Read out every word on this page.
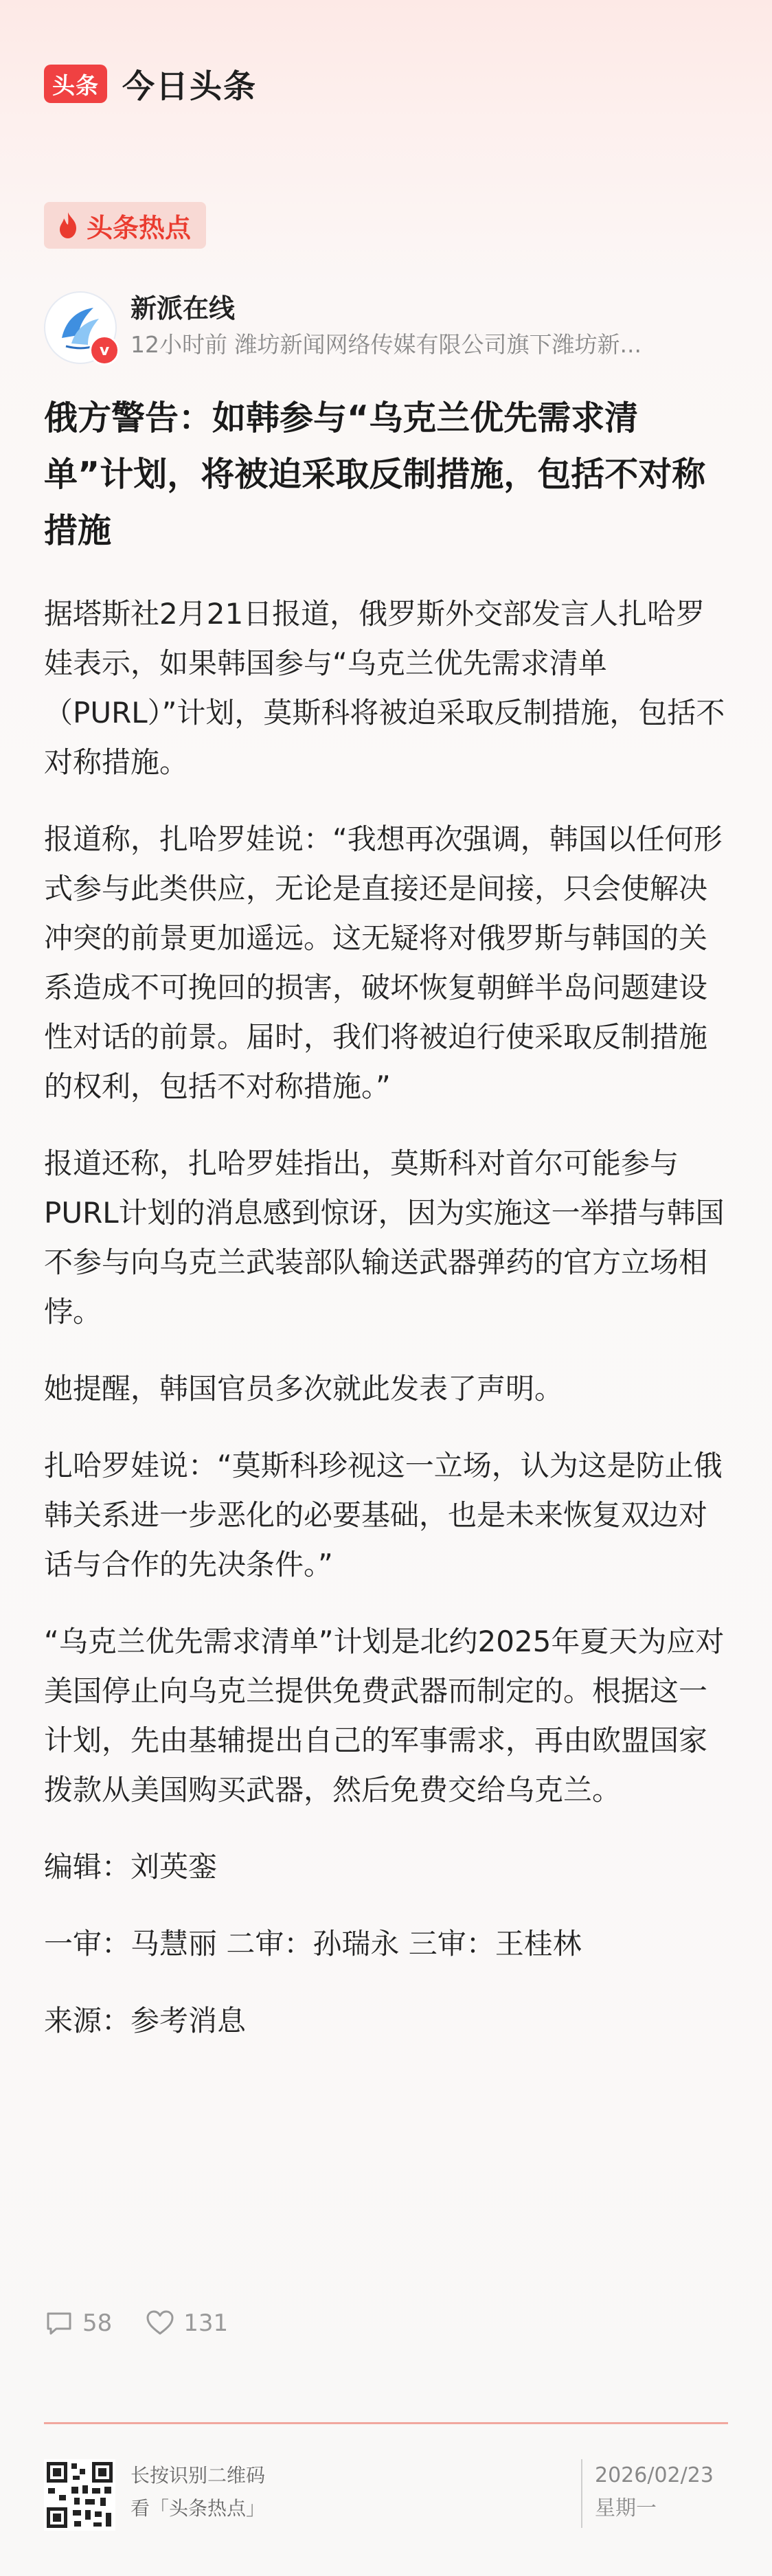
头条 今日头条
头条热点
v
新派在线
12小时前 潍坊新闻网络传媒有限公司旗下潍坊新...
俄方警告：如韩参与“乌克兰优先需求清单”计划，将被迫采取反制措施，包括不对称措施

据塔斯社2月21日报道，俄罗斯外交部发言人扎哈罗娃表示，如果韩国参与“乌克兰优先需求清单（PURL）”计划，莫斯科将被迫采取反制措施，包括不对称措施。

报道称，扎哈罗娃说：“我想再次强调，韩国以任何形式参与此类供应，无论是直接还是间接，只会使解决冲突的前景更加遥远。这无疑将对俄罗斯与韩国的关系造成不可挽回的损害，破坏恢复朝鲜半岛问题建设性对话的前景。届时，我们将被迫行使采取反制措施的权利，包括不对称措施。”

报道还称，扎哈罗娃指出，莫斯科对首尔可能参与PURL计划的消息感到惊讶，因为实施这一举措与韩国不参与向乌克兰武装部队输送武器弹药的官方立场相悖。

她提醒，韩国官员多次就此发表了声明。

扎哈罗娃说：“莫斯科珍视这一立场，认为这是防止俄韩关系进一步恶化的必要基础，也是未来恢复双边对话与合作的先决条件。”

“乌克兰优先需求清单”计划是北约2025年夏天为应对美国停止向乌克兰提供免费武器而制定的。根据这一计划，先由基辅提出自己的军事需求，再由欧盟国家拨款从美国购买武器，然后免费交给乌克兰。

编辑：刘英銮

一审：马慧丽 二审：孙瑞永 三审：王桂林

来源：参考消息

58	131
长按识别二维码
看「头条热点」
2026/02/23
星期一
